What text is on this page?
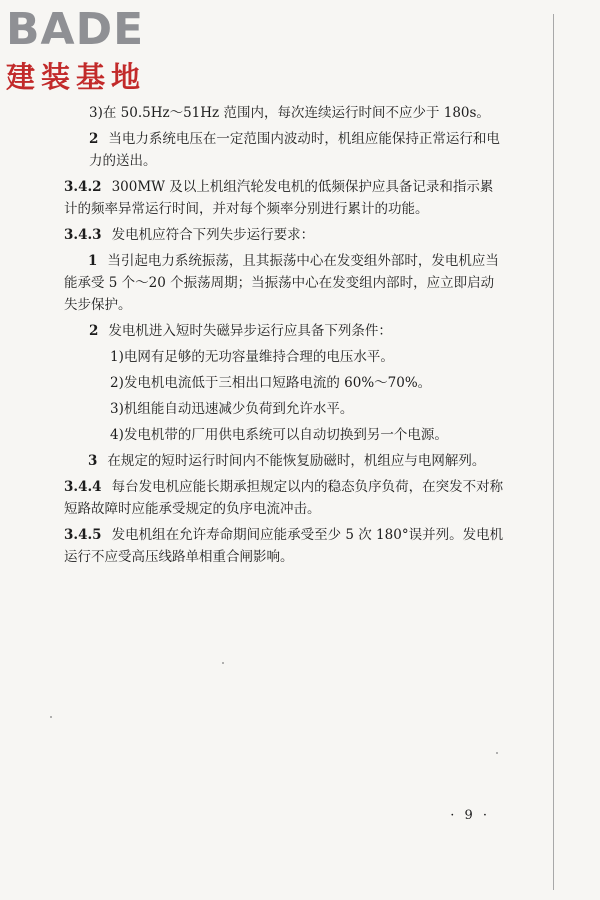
BADE
建装基地

3)在 50.5Hz～51Hz 范围内，每次连续运行时间不应少于 180s。

2 当电力系统电压在一定范围内波动时，机组应能保持正常运行和电力的送出。

3.4.2 300MW 及以上机组汽轮发电机的低频保护应具备记录和指示累计的频率异常运行时间，并对每个频率分别进行累计的功能。

3.4.3 发电机应符合下列失步运行要求：

1 当引起电力系统振荡，且其振荡中心在发变组外部时，发电机应当能承受 5 个～20 个振荡周期；当振荡中心在发变组内部时，应立即启动失步保护。

2 发电机进入短时失磁异步运行应具备下列条件：

1)电网有足够的无功容量维持合理的电压水平。

2)发电机电流低于三相出口短路电流的 60%～70%。

3)机组能自动迅速减少负荷到允许水平。

4)发电机带的厂用供电系统可以自动切换到另一个电源。

3 在规定的短时运行时间内不能恢复励磁时，机组应与电网解列。

3.4.4 每台发电机应能长期承担规定以内的稳态负序负荷，在突发不对称短路故障时应能承受规定的负序电流冲击。

3.4.5 发电机组在允许寿命期间应能承受至少 5 次 180°误并列。发电机运行不应受高压线路单相重合闸影响。

· 9 ·
